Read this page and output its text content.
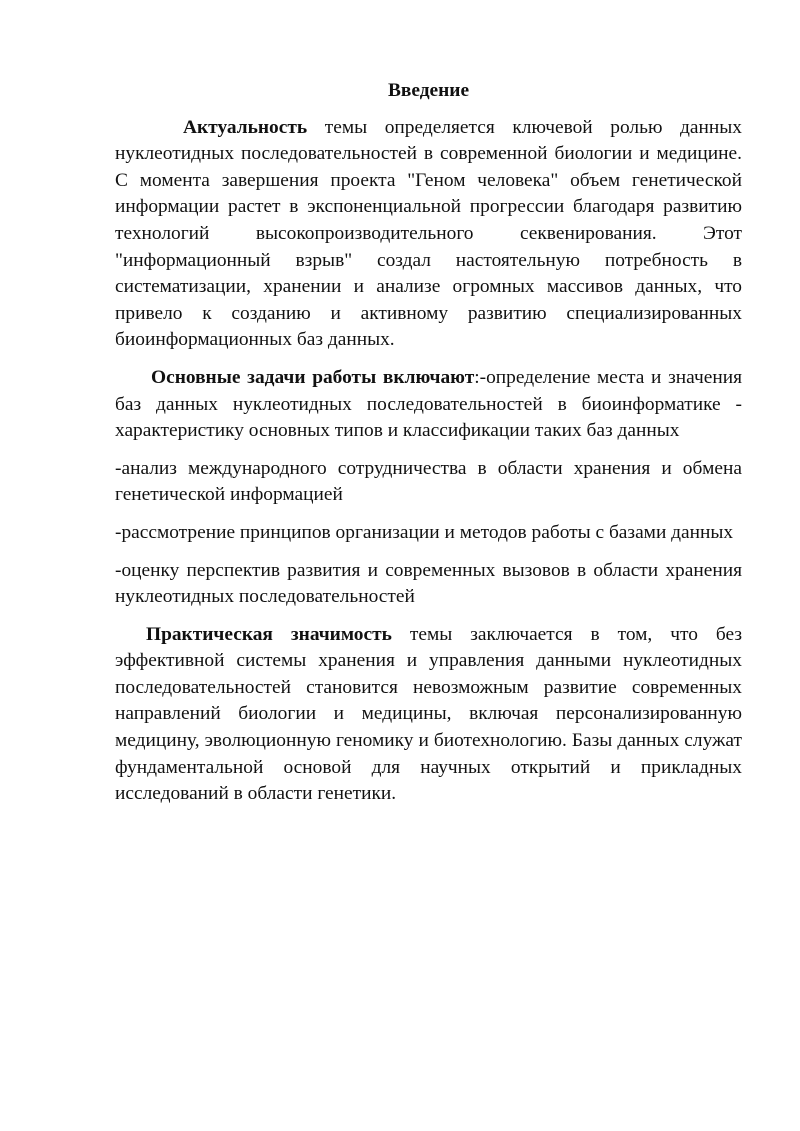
Введение

Актуальность темы определяется ключевой ролью данных нуклеотидных последовательностей в современной биологии и медицине. С момента завершения проекта "Геном человека" объем генетической информации растет в экспоненциальной прогрессии благодаря развитию технологий высокопроизводительного секвенирования. Этот "информационный взрыв" создал настоятельную потребность в систематизации, хранении и анализе огромных массивов данных, что привело к созданию и активному развитию специализированных биоинформационных баз данных.

Основные задачи работы включают:-определение места и значения баз данных нуклеотидных последовательностей в биоинформатике - характеристику основных типов и классификации таких баз данных

-анализ международного сотрудничества в области хранения и обмена генетической информацией

-рассмотрение принципов организации и методов работы с базами данных

-оценку перспектив развития и современных вызовов в области хранения нуклеотидных последовательностей

Практическая значимость темы заключается в том, что без эффективной системы хранения и управления данными нуклеотидных последовательностей становится невозможным развитие современных направлений биологии и медицины, включая персонализированную медицину, эволюционную геномику и биотехнологию. Базы данных служат фундаментальной основой для научных открытий и прикладных исследований в области генетики.
